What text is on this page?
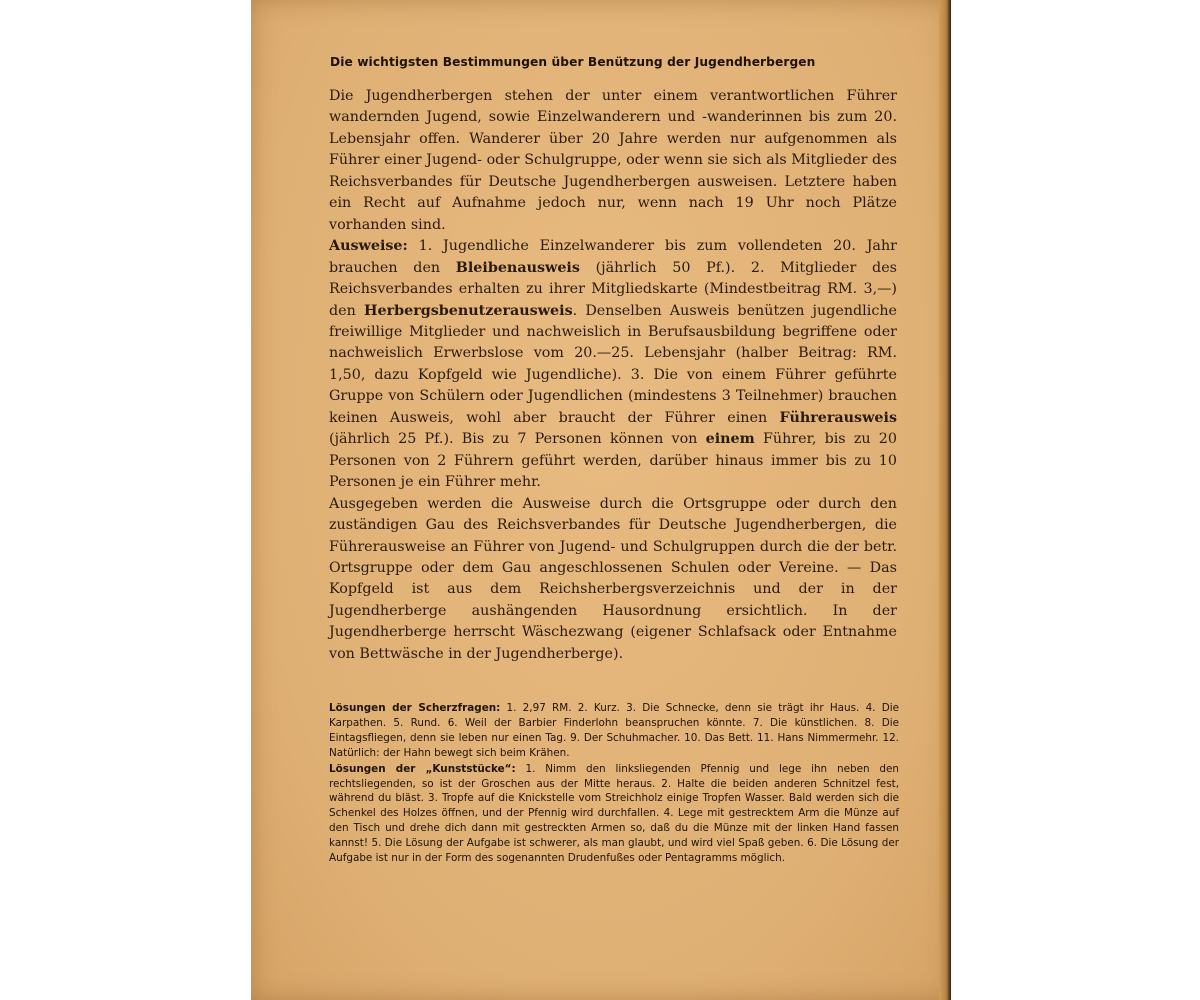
Die wichtigsten Bestimmungen über Benützung der Jugendherbergen

Die Jugendherbergen stehen der unter einem verantwortlichen Führer wandernden Jugend, sowie Einzelwanderern und -wanderinnen bis zum 20. Lebensjahr offen. Wanderer über 20 Jahre werden nur aufgenommen als Führer einer Jugend- oder Schulgruppe, oder wenn sie sich als Mitglieder des Reichsverbandes für Deutsche Jugendherbergen ausweisen. Letztere haben ein Recht auf Aufnahme jedoch nur, wenn nach 19 Uhr noch Plätze vorhanden sind.

Ausweise: 1. Jugendliche Einzelwanderer bis zum vollendeten 20. Jahr brauchen den Bleibenausweis (jährlich 50 Pf.). 2. Mitglieder des Reichsverbandes erhalten zu ihrer Mitgliedskarte (Mindestbeitrag RM. 3,—) den Herbergsbenutzerausweis. Denselben Ausweis benützen jugendliche freiwillige Mitglieder und nachweislich in Berufsausbildung begriffene oder nachweislich Erwerbslose vom 20.—25. Lebensjahr (halber Beitrag: RM. 1,50, dazu Kopfgeld wie Jugendliche). 3. Die von einem Führer geführte Gruppe von Schülern oder Jugendlichen (mindestens 3 Teilnehmer) brauchen keinen Ausweis, wohl aber braucht der Führer einen Führerausweis (jährlich 25 Pf.). Bis zu 7 Personen können von einem Führer, bis zu 20 Personen von 2 Führern geführt werden, darüber hinaus immer bis zu 10 Personen je ein Führer mehr.

Ausgegeben werden die Ausweise durch die Ortsgruppe oder durch den zuständigen Gau des Reichsverbandes für Deutsche Jugendherbergen, die Führerausweise an Führer von Jugend- und Schulgruppen durch die der betr. Ortsgruppe oder dem Gau angeschlossenen Schulen oder Vereine. — Das Kopfgeld ist aus dem Reichsherbergsverzeichnis und der in der Jugendherberge aushängenden Hausordnung ersichtlich. In der Jugendherberge herrscht Wäschezwang (eigener Schlafsack oder Entnahme von Bettwäsche in der Jugendherberge).

Lösungen der Scherzfragen: 1. 2,97 RM. 2. Kurz. 3. Die Schnecke, denn sie trägt ihr Haus. 4. Die Karpathen. 5. Rund. 6. Weil der Barbier Finderlohn beanspruchen könnte. 7. Die künstlichen. 8. Die Eintagsfliegen, denn sie leben nur einen Tag. 9. Der Schuhmacher. 10. Das Bett. 11. Hans Nimmermehr. 12. Natürlich: der Hahn bewegt sich beim Krähen.

Lösungen der „Kunststücke“: 1. Nimm den linksliegenden Pfennig und lege ihn neben den rechtsliegenden, so ist der Groschen aus der Mitte heraus. 2. Halte die beiden anderen Schnitzel fest, während du bläst. 3. Tropfe auf die Knickstelle vom Streichholz einige Tropfen Wasser. Bald werden sich die Schenkel des Holzes öffnen, und der Pfennig wird durchfallen. 4. Lege mit gestrecktem Arm die Münze auf den Tisch und drehe dich dann mit gestreckten Armen so, daß du die Münze mit der linken Hand fassen kannst! 5. Die Lösung der Aufgabe ist schwerer, als man glaubt, und wird viel Spaß geben. 6. Die Lösung der Aufgabe ist nur in der Form des sogenannten Drudenfußes oder Pentagramms möglich.
